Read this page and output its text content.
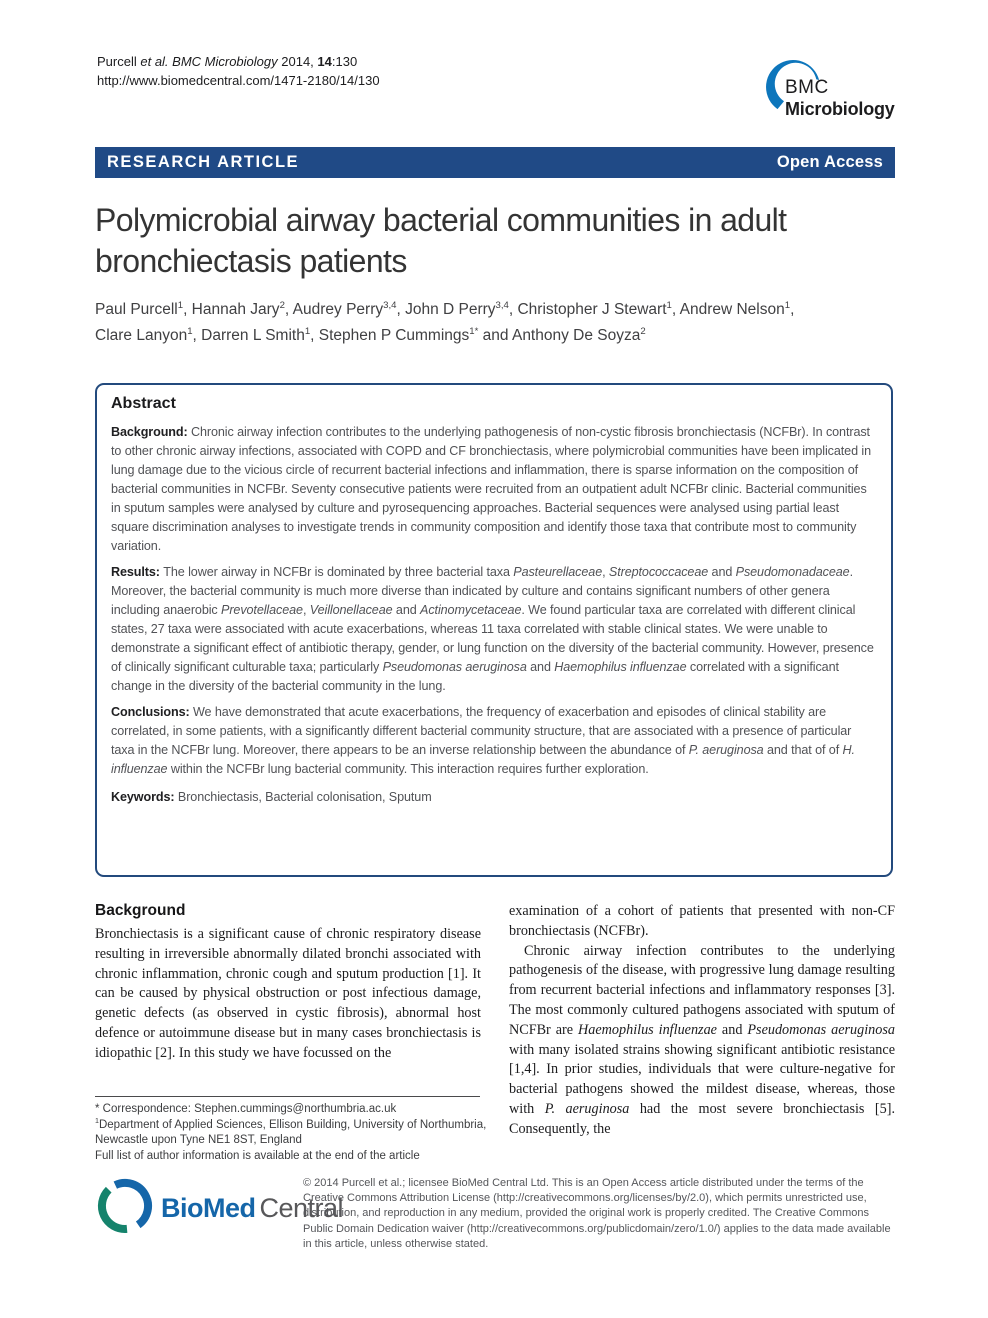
Purcell et al. BMC Microbiology 2014, 14:130
http://www.biomedcentral.com/1471-2180/14/130	BMC
Microbiology
RESEARCH ARTICLE	Open Access
Polymicrobial airway bacterial communities in adult bronchiectasis patients
Paul Purcell$^1$, Hannah Jary$^2$, Audrey Perry$^{3,4}$, John D Perry$^{3,4}$, Christopher J Stewart$^1$, Andrew Nelson$^1$,
Clare Lanyon$^1$, Darren L Smith$^1$, Stephen P Cummings$^{1*}$ and Anthony De Soyza$^2$
Abstract

Background: Chronic airway infection contributes to the underlying pathogenesis of non-cystic fibrosis bronchiectasis (NCFBr). In contrast to other chronic airway infections, associated with COPD and CF bronchiectasis, where polymicrobial communities have been implicated in lung damage due to the vicious circle of recurrent bacterial infections and inflammation, there is sparse information on the composition of bacterial communities in NCFBr. Seventy consecutive patients were recruited from an outpatient adult NCFBr clinic. Bacterial communities in sputum samples were analysed by culture and pyrosequencing approaches. Bacterial sequences were analysed using partial least square discrimination analyses to investigate trends in community composition and identify those taxa that contribute most to community variation.

Results: The lower airway in NCFBr is dominated by three bacterial taxa Pasteurellaceae, Streptococcaceae and Pseudomonadaceae. Moreover, the bacterial community is much more diverse than indicated by culture and contains significant numbers of other genera including anaerobic Prevotellaceae, Veillonellaceae and Actinomycetaceae. We found particular taxa are correlated with different clinical states, 27 taxa were associated with acute exacerbations, whereas 11 taxa correlated with stable clinical states. We were unable to demonstrate a significant effect of antibiotic therapy, gender, or lung function on the diversity of the bacterial community. However, presence of clinically significant culturable taxa; particularly Pseudomonas aeruginosa and Haemophilus influenzae correlated with a significant change in the diversity of the bacterial community in the lung.

Conclusions: We have demonstrated that acute exacerbations, the frequency of exacerbation and episodes of clinical stability are correlated, in some patients, with a significantly different bacterial community structure, that are associated with a presence of particular taxa in the NCFBr lung. Moreover, there appears to be an inverse relationship between the abundance of P. aeruginosa and that of of H. influenzae within the NCFBr lung bacterial community. This interaction requires further exploration.

Keywords: Bronchiectasis, Bacterial colonisation, Sputum

Background

Bronchiectasis is a significant cause of chronic respiratory disease resulting in irreversible abnormally dilated bronchi associated with chronic inflammation, chronic cough and sputum production [1]. It can be caused by physical obstruction or post infectious damage, genetic defects (as observed in cystic fibrosis), abnormal host defence or autoimmune disease but in many cases bronchiectasis is idiopathic [2]. In this study we have focussed on the

examination of a cohort of patients that presented with non-CF bronchiectasis (NCFBr).

Chronic airway infection contributes to the underlying pathogenesis of the disease, with progressive lung damage resulting from recurrent bacterial infections and inflammatory responses [3]. The most commonly cultured pathogens associated with sputum of NCFBr are Haemophilus influenzae and Pseudomonas aeruginosa with many isolated strains showing significant antibiotic resistance [1,4]. In prior studies, individuals that were culture-negative for bacterial pathogens showed the mildest disease, whereas, those with P. aeruginosa had the most severe bronchiectasis [5]. Consequently, the

* Correspondence: Stephen.cummings@northumbria.ac.uk
$^1$Department of Applied Sciences, Ellison Building, University of Northumbria, Newcastle upon Tyne NE1 8ST, England
Full list of author information is available at the end of the article
BioMed Central
© 2014 Purcell et al.; licensee BioMed Central Ltd. This is an Open Access article distributed under the terms of the Creative Commons Attribution License (http://creativecommons.org/licenses/by/2.0), which permits unrestricted use, distribution, and reproduction in any medium, provided the original work is properly credited. The Creative Commons Public Domain Dedication waiver (http://creativecommons.org/publicdomain/zero/1.0/) applies to the data made available in this article, unless otherwise stated.
